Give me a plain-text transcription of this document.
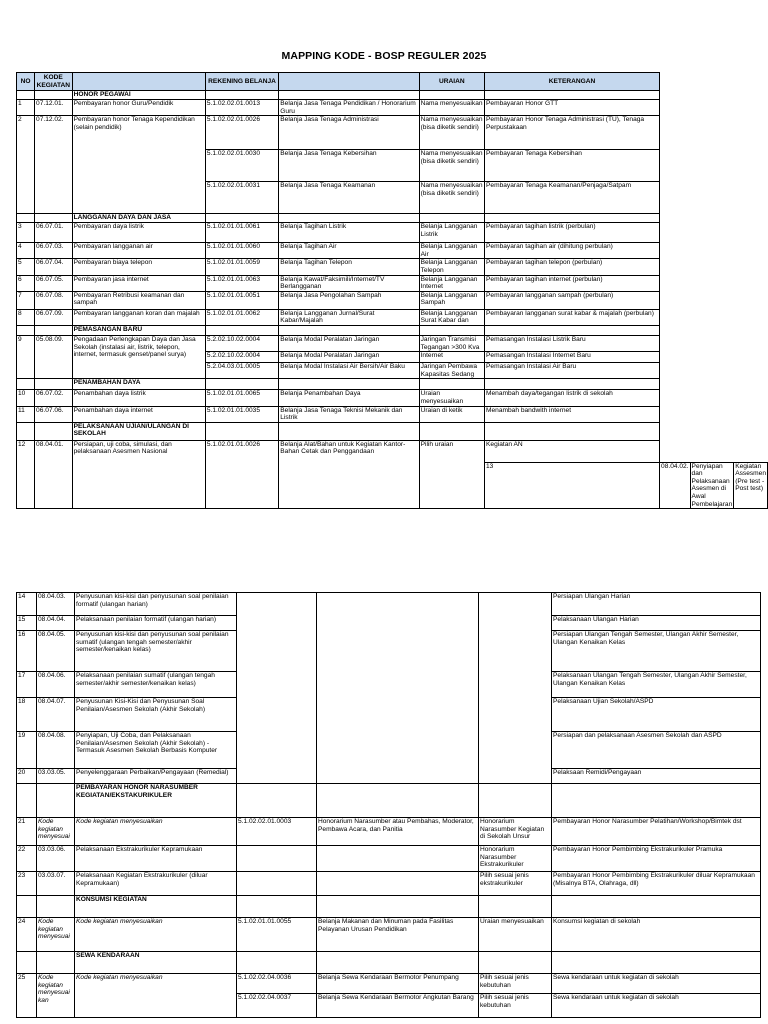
MAPPING KODE - BOSP REGULER 2025
NO	KODE KEGIATAN		REKENING BELANJA		URAIAN	KETERANGAN			
		HONOR PEGAWAI							
1	07.12.01.	Pembayaran honor Guru/Pendidik	5.1.02.02.01.0013	Belanja Jasa Tenaga Pendidikan / Honorarium Guru	Nama menyesuaikan	Pembayaran Honor GTT			
2	07.12.02.	Pembayaran honor Tenaga Kependidikan (selain pendidik)	5.1.02.02.01.0026	Belanja Jasa Tenaga Administrasi	Nama menyesuaikan (bisa diketik sendiri)	Pembayaran Honor Tenaga Administrasi (TU), Tenaga Perpustakaan			
			5.1.02.02.01.0030	Belanja Jasa Tenaga Kebersihan	Nama menyesuaikan (bisa diketik sendiri)	Pembayaran Tenaga Kebersihan			
			5.1.02.02.01.0031	Belanja Jasa Tenaga Keamanan	Nama menyesuaikan (bisa diketik sendiri)	Pembayaran Tenaga Keamanan/Penjaga/Satpam			
		LANGGANAN DAYA DAN JASA							
3	06.07.01.	Pembayaran daya listrik	5.1.02.01.01.0061	Belanja Tagihan Listrik	Belanja Langganan Listrik	Pembayaran tagihan listrik (perbulan)			
4	06.07.03.	Pembayaran langganan air	5.1.02.01.01.0060	Belanja Tagihan Air	Belanja Langganan Air	Pembayaran tagihan air (dihitung perbulan)			
5	06.07.04.	Pembayaran biaya telepon	5.1.02.01.01.0059	Belanja Tagihan Telepon	Belanja Langganan Telepon	Pembayaran tagihan telepon (perbulan)			
6	06.07.05.	Pembayaran jasa internet	5.1.02.01.01.0063	Belanja Kawat/Faksimili/Internet/TV Berlangganan	Belanja Langganan Internet	Pembayaran tagihan internet (perbulan)			
7	06.07.08.	Pembayaran Retribusi keamanan dan sampah	5.1.02.01.01.0051	Belanja Jasa Pengolahan Sampah	Belanja Langganan Sampah	Pembayaran langganan sampah (perbulan)			
8	06.07.09.	Pembayaran langganan koran dan majalah	5.1.02.01.01.0062	Belanja Langganan Jurnal/Surat Kabar/Majalah	Belanja Langganan Surat Kabar dan	Pembayaran langganan surat kabar & majalah (perbulan)			
		PEMASANGAN BARU							
9	05.08.09.	Pengadaan Perlengkapan Daya dan Jasa Sekolah (instalasi air, listrik, telepon, internet, termasuk genset/panel surya)	5.2.02.10.02.0004	Belanja Modal Peralatan Jaringan	Jaringan Transmisi Tegangan >300 Kva	Pemasangan Instalasi Listrik Baru			
			5.2.02.10.02.0004	Belanja Modal Peralatan Jaringan	Internet	Pemasangan Instalasi Internet Baru			
			5.2.04.03.01.0005	Belanja Modal Instalasi Air Bersih/Air Baku	Jaringan Pembawa Kapasitas Sedang	Pemasangan Instalasi Air Baru			
		PENAMBAHAN DAYA							
10	06.07.02.	Penambahan daya listrik	5.1.02.01.01.0065	Belanja Penambahan Daya	Uraian menyesuaikan	Menambah daya/tegangan listrik di sekolah			
11	06.07.06.	Penambahan daya internet	5.1.02.01.01.0035	Belanja Jasa Tenaga Teknisi Mekanik dan Listrik	Uraian di ketik	Menambah bandwith internet			
		PELAKSANAAN UJIAN/ULANGAN DI SEKOLAH							
12	08.04.01.	Persiapan, uji coba, simulasi, dan pelaksanaan Asesmen Nasional	5.1.02.01.01.0026	Belanja Alat/Bahan untuk Kegiatan Kantor-Bahan Cetak dan Penggandaan	Pilih uraian	Kegiatan AN			
						13	08.04.02.	Penyiapan dan Pelaksanaan Asesmen di Awal Pembelajaran	Kegiatan Assesmen (Pre test - Post test)
14	08.04.03.	Penyusunan kisi-kisi dan penyusunan soal penilaian formatif (ulangan harian)				Persiapan Ulangan Harian
15	08.04.04.	Pelaksanaan penilaian formatif (ulangan harian)				Pelaksanaan Ulangan Harian
16	08.04.05.	Penyusunan kisi-kisi dan penyusunan soal penilaian sumatif (ulangan tengah semester/akhir semester/kenaikan kelas)				Persiapan Ulangan Tengah Semester, Ulangan Akhir Semester, Ulangan Kenaikan Kelas
17	08.04.06.	Pelaksanaan penilaian sumatif (ulangan tengah semester/akhir semester/kenaikan kelas)				Pelaksanaan Ulangan Tengah Semester, Ulangan Akhir Semester, Ulangan Kenaikan Kelas
18	08.04.07.	Penyusunan Kisi-Kisi dan Penyusunan Soal Penilaian/Asesmen Sekolah (Akhir Sekolah)				Pelaksanaan Ujian Sekolah/ASPD
19	08.04.08.	Penyiapan, Uji Coba, dan Pelaksanaan Penilaian/Asesmen Sekolah (Akhir Sekolah) - Termasuk Asesmen Sekolah Berbasis Komputer				Persiapan dan pelaksanaan Asesmen Sekolah dan ASPD
20	03.03.05.	Penyelenggaraan Perbaikan/Pengayaan (Remedial)				Pelaksaan Remidi/Pengayaan
		PEMBAYARAN HONOR NARASUMBER KEGIATAN/EKSTAKURIKULER				
21	Kode kegiatan menyesuai	Kode kegiatan menyesuaikan	5.1.02.02.01.0003	Honorarium Narasumber atau Pembahas, Moderator, Pembawa Acara, dan Panitia	Honorarium Narasumber Kegiatan di Sekolah Unsur	Pembayaran Honor Narasumber Pelatihan/Workshop/Bimtek dst
22	03.03.06.	Pelaksanaan Ekstrakurikuler Kepramukaan			Honorarium Narasumber Ekstrakurikuler	Pembayaran Honor Pembimbing Ekstrakurikuler Pramuka
23	03.03.07.	Pelaksanaan Kegiatan Ekstrakurikuler (diluar Kepramukaan)			Pilih sesuai jenis ekstrakurikuler	Pembayaran Honor Pembimbing Ekstrakurikuler diluar Kepramukaan (Misalnya BTA, Olahraga, dll)
		KONSUMSI KEGIATAN				
24	Kode kegiatan menyesuai	Kode kegiatan menyesuaikan	5.1.02.01.01.0055	Belanja Makanan dan Minuman pada Fasilitas Pelayanan Urusan Pendidikan	Uraian menyesuaikan	Konsumsi kegiatan di sekolah
		SEWA KENDARAAN				
25	Kode kegiatan menyesuai kan	Kode kegiatan menyesuaikan	5.1.02.02.04.0036	Belanja Sewa Kendaraan Bermotor Penumpang	Pilih sesuai jenis kebutuhan	Sewa kendaraan untuk kegiatan di sekolah
			5.1.02.02.04.0037	Belanja Sewa Kendaraan Bermotor Angkutan Barang	Pilih sesuai jenis kebutuhan	Sewa kendaraan untuk kegiatan di sekolah
